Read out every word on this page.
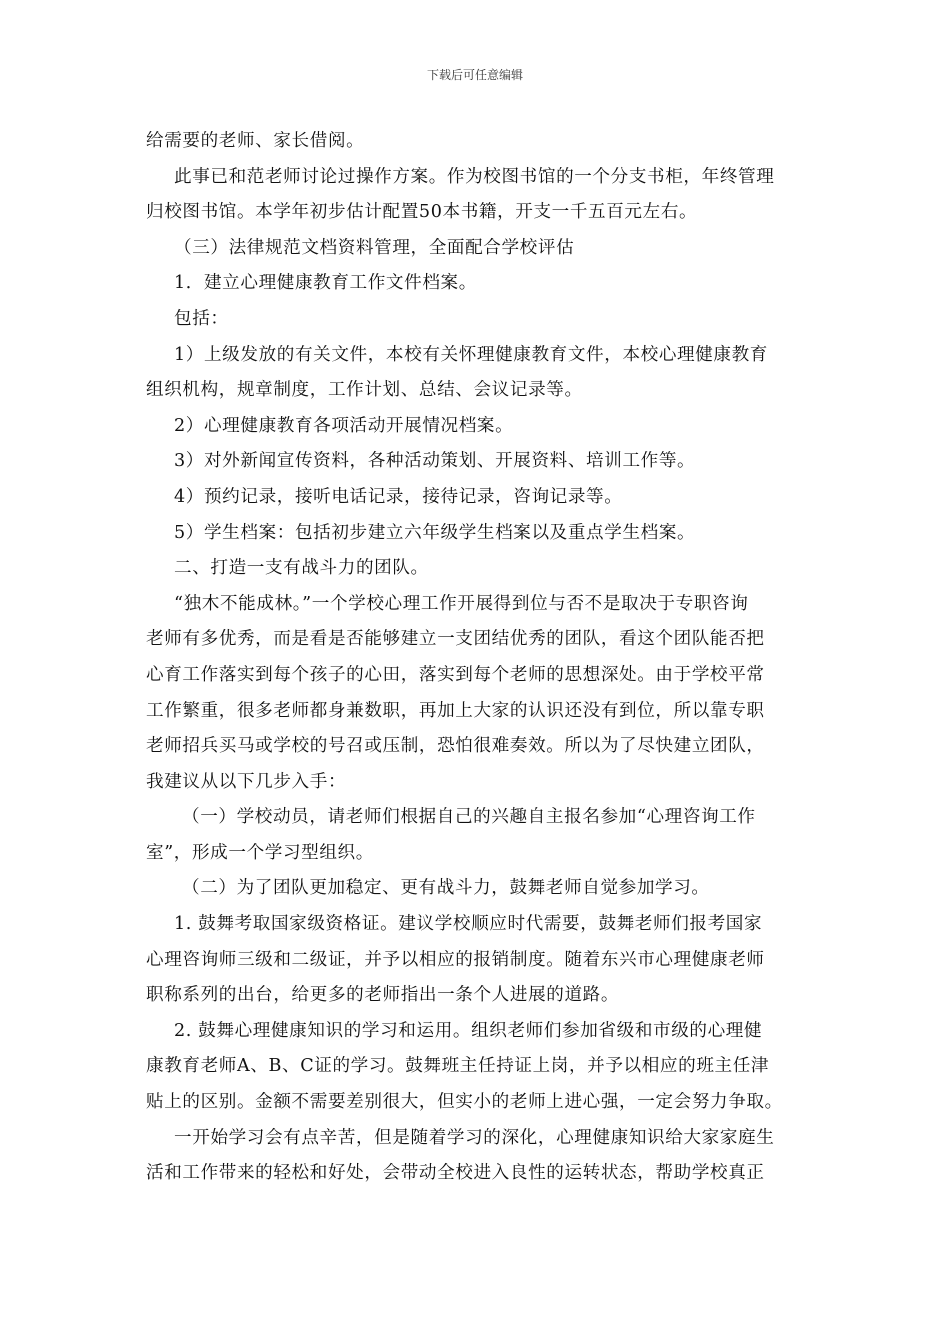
下载后可任意编辑
给需要的老师、家长借阅。
此事已和范老师讨论过操作方案。作为校图书馆的一个分支书柜，年终管理
归校图书馆。本学年初步估计配置50本书籍，开支一千五百元左右。
（三）法律规范文档资料管理，全面配合学校评估
1．建立心理健康教育工作文件档案。
包括：
1）上级发放的有关文件，本校有关怀理健康教育文件，本校心理健康教育
组织机构，规章制度，工作计划、总结、会议记录等。
2）心理健康教育各项活动开展情况档案。
3）对外新闻宣传资料，各种活动策划、开展资料、培训工作等。
4）预约记录，接听电话记录，接待记录，咨询记录等。
5）学生档案：包括初步建立六年级学生档案以及重点学生档案。
二、打造一支有战斗力的团队。
“独木不能成林。”一个学校心理工作开展得到位与否不是取决于专职咨询
老师有多优秀，而是看是否能够建立一支团结优秀的团队，看这个团队能否把
心育工作落实到每个孩子的心田，落实到每个老师的思想深处。由于学校平常
工作繁重，很多老师都身兼数职，再加上大家的认识还没有到位，所以靠专职
老师招兵买马或学校的号召或压制，恐怕很难奏效。所以为了尽快建立团队，
我建议从以下几步入手：
（一）学校动员，请老师们根据自己的兴趣自主报名参加“心理咨询工作
室”，形成一个学习型组织。
（二）为了团队更加稳定、更有战斗力，鼓舞老师自觉参加学习。
1. 鼓舞考取国家级资格证。建议学校顺应时代需要，鼓舞老师们报考国家
心理咨询师三级和二级证，并予以相应的报销制度。随着东兴市心理健康老师
职称系列的出台，给更多的老师指出一条个人进展的道路。
2. 鼓舞心理健康知识的学习和运用。组织老师们参加省级和市级的心理健
康教育老师A、B、C证的学习。鼓舞班主任持证上岗，并予以相应的班主任津
贴上的区别。金额不需要差别很大，但实小的老师上进心强，一定会努力争取。
一开始学习会有点辛苦，但是随着学习的深化，心理健康知识给大家家庭生
活和工作带来的轻松和好处，会带动全校进入良性的运转状态，帮助学校真正
